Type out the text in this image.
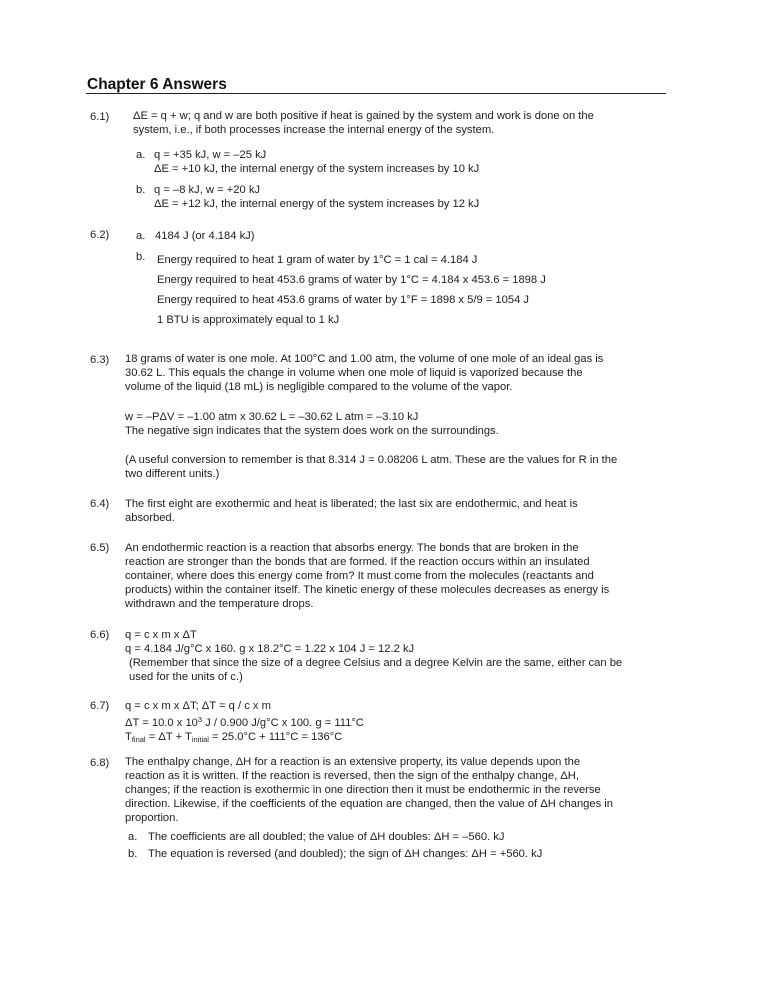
Chapter 6 Answers
6.1) ΔE = q + w; q and w are both positive if heat is gained by the system and work is done on the
system, i.e., if both processes increase the internal energy of the system.
a. q = +35 kJ, w = –25 kJ
ΔE = +10 kJ, the internal energy of the system increases by 10 kJ
b. q = –8 kJ, w = +20 kJ
ΔE = +12 kJ, the internal energy of the system increases by 12 kJ
6.2) a. 4184 J (or 4.184 kJ)
b. Energy required to heat 1 gram of water by 1°C = 1 cal = 4.184 J
Energy required to heat 453.6 grams of water by 1°C = 4.184 x 453.6 = 1898 J
Energy required to heat 453.6 grams of water by 1°F = 1898 x 5/9 = 1054 J
1 BTU is approximately equal to 1 kJ
6.3) 18 grams of water is one mole. At 100°C and 1.00 atm, the volume of one mole of an ideal gas is
30.62 L. This equals the change in volume when one mole of liquid is vaporized because the
volume of the liquid (18 mL) is negligible compared to the volume of the vapor.
w = –PΔV = –1.00 atm x 30.62 L = –30.62 L atm = –3.10 kJ
The negative sign indicates that the system does work on the surroundings.
(A useful conversion to remember is that 8.314 J = 0.08206 L atm. These are the values for R in the
two different units.)
6.4) The first eight are exothermic and heat is liberated; the last six are endothermic, and heat is
absorbed.
6.5) An endothermic reaction is a reaction that absorbs energy. The bonds that are broken in the
reaction are stronger than the bonds that are formed. If the reaction occurs within an insulated
container, where does this energy come from? It must come from the molecules (reactants and
products) within the container itself. The kinetic energy of these molecules decreases as energy is
withdrawn and the temperature drops.
6.6) q = c x m x ΔT
q = 4.184 J/g°C x 160. g x 18.2°C = 1.22 x 104 J = 12.2 kJ
(Remember that since the size of a degree Celsius and a degree Kelvin are the same, either can be
used for the units of c.)
6.7) q = c x m x ΔT; ΔT = q / c x m
ΔT = 10.0 x $10^3$ J / 0.900 J/g°C x 100. g = 111°C
$T_{final} = \Delta T + T_{initial} = 25.0^\circ C + 111^\circ C = 136^\circ C$
6.8) The enthalpy change, ΔH for a reaction is an extensive property, its value depends upon the
reaction as it is written. If the reaction is reversed, then the sign of the enthalpy change, ΔH,
changes; if the reaction is exothermic in one direction then it must be endothermic in the reverse
direction. Likewise, if the coefficients of the equation are changed, then the value of ΔH changes in
proportion.
a. The coefficients are all doubled; the value of ΔH doubles: ΔH = –560. kJ
b. The equation is reversed (and doubled); the sign of ΔH changes: ΔH = +560. kJ
